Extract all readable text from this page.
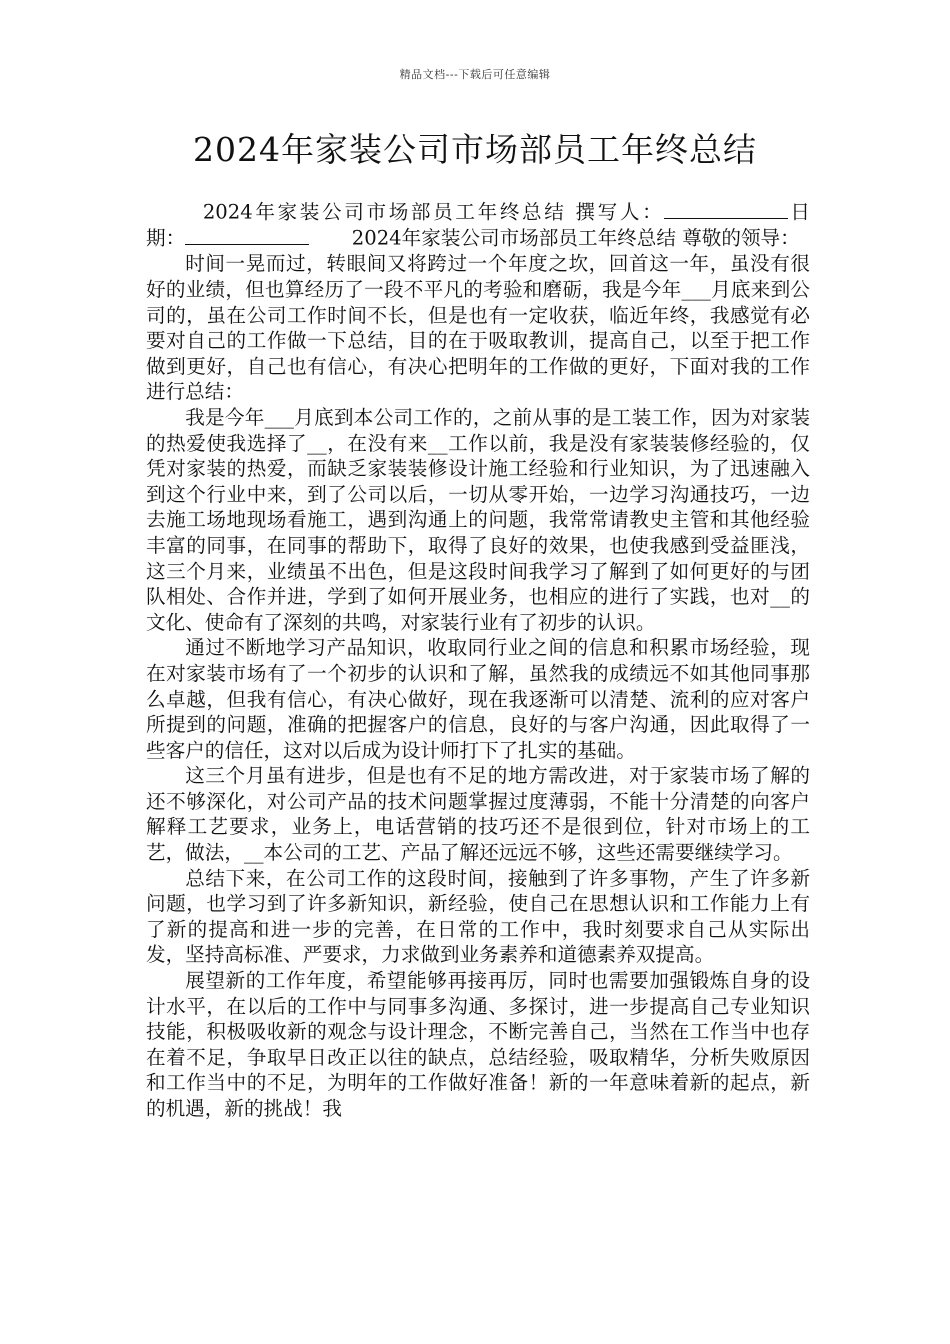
精品文档---下载后可任意编辑
2024年家装公司市场部员工年终总结

2024年家装公司市场部员工年终总结 撰写人：	日　期：	2024年家装公司市场部员工年终总结 尊敬的领导：

时间一晃而过，转眼间又将跨过一个年度之坎，回首这一年，虽没有很好的业绩，但也算经历了一段不平凡的考验和磨砺，我是今年___月底来到公司的，虽在公司工作时间不长，但是也有一定收获，临近年终，我感觉有必要对自己的工作做一下总结，目的在于吸取教训，提高自己，以至于把工作做到更好，自己也有信心，有决心把明年的工作做的更好，下面对我的工作进行总结：

我是今年___月底到本公司工作的，之前从事的是工装工作，因为对家装的热爱使我选择了__，在没有来__工作以前，我是没有家装装修经验的，仅凭对家装的热爱，而缺乏家装装修设计施工经验和行业知识，为了迅速融入到这个行业中来，到了公司以后，一切从零开始，一边学习沟通技巧，一边去施工场地现场看施工，遇到沟通上的问题，我常常请教史主管和其他经验丰富的同事，在同事的帮助下，取得了良好的效果，也使我感到受益匪浅，这三个月来，业绩虽不出色，但是这段时间我学习了解到了如何更好的与团队相处、合作并进，学到了如何开展业务，也相应的进行了实践，也对__的文化、使命有了深刻的共鸣，对家装行业有了初步的认识。

通过不断地学习产品知识，收取同行业之间的信息和积累市场经验，现在对家装市场有了一个初步的认识和了解，虽然我的成绩远不如其他同事那么卓越，但我有信心，有决心做好，现在我逐渐可以清楚、流利的应对客户所提到的问题，准确的把握客户的信息，良好的与客户沟通，因此取得了一些客户的信任，这对以后成为设计师打下了扎实的基础。

这三个月虽有进步，但是也有不足的地方需改进，对于家装市场了解的还不够深化，对公司产品的技术问题掌握过度薄弱，不能十分清楚的向客户解释工艺要求，业务上，电话营销的技巧还不是很到位，针对市场上的工艺，做法，__本公司的工艺、产品了解还远远不够，这些还需要继续学习。

总结下来，在公司工作的这段时间，接触到了许多事物，产生了许多新问题，也学习到了许多新知识，新经验，使自己在思想认识和工作能力上有了新的提高和进一步的完善，在日常的工作中，我时刻要求自己从实际出发，坚持高标准、严要求，力求做到业务素养和道德素养双提高。

展望新的工作年度，希望能够再接再厉，同时也需要加强锻炼自身的设计水平，在以后的工作中与同事多沟通、多探讨，进一步提高自己专业知识技能，积极吸收新的观念与设计理念，不断完善自己，当然在工作当中也存在着不足，争取早日改正以往的缺点，总结经验，吸取精华，分析失败原因和工作当中的不足，为明年的工作做好准备！新的一年意味着新的起点，新的机遇，新的挑战！我
